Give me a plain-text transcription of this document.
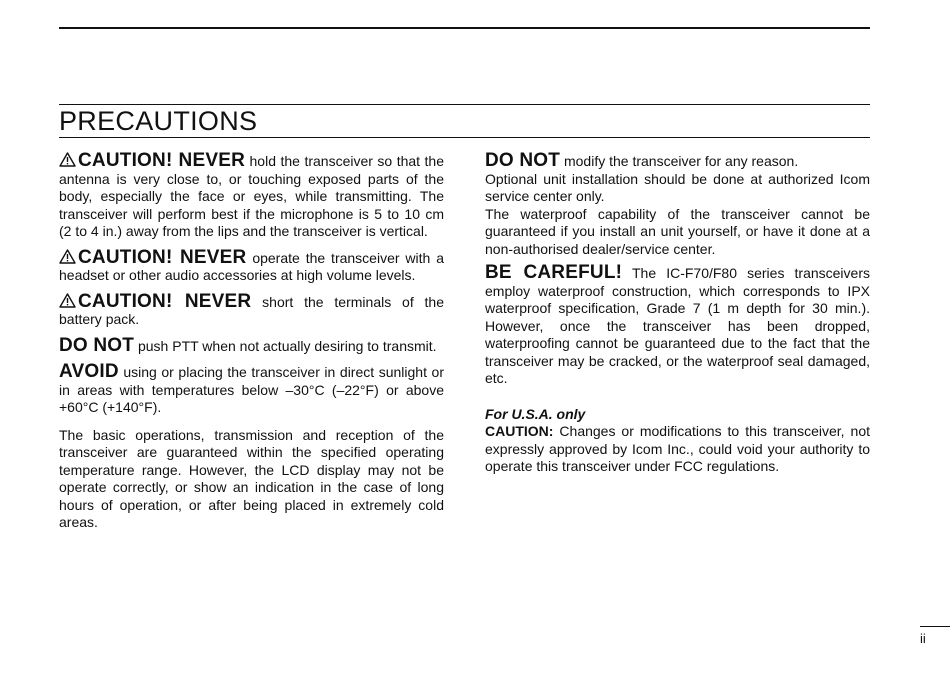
PRECAUTIONS

CAUTION! NEVER hold the transceiver so that the antenna is very close to, or touching exposed parts of the body, especially the face or eyes, while transmitting. The transceiver will perform best if the microphone is 5 to 10 cm (2 to 4 in.) away from the lips and the transceiver is vertical.

CAUTION! NEVER operate the transceiver with a headset or other audio accessories at high volume levels.

CAUTION! NEVER short the terminals of the battery pack.

DO NOT push PTT when not actually desiring to transmit.

AVOID using or placing the transceiver in direct sunlight or in areas with temperatures below –30°C (–22°F) or above +60°C (+140°F).

The basic operations, transmission and reception of the transceiver are guaranteed within the specified operating temperature range. However, the LCD display may not be operate correctly, or show an indication in the case of long hours of operation, or after being placed in extremely cold areas.

DO NOT modify the transceiver for any reason.
Optional unit installation should be done at authorized Icom service center only.
The waterproof capability of the transceiver cannot be guaranteed if you install an unit yourself, or have it done at a non-authorised dealer/service center.

BE CAREFUL! The IC-F70/F80 series transceivers employ waterproof construction, which corresponds to IPX waterproof specification, Grade 7 (1 m depth for 30 min.). However, once the transceiver has been dropped, waterproofing cannot be guaranteed due to the fact that the transceiver may be cracked, or the waterproof seal damaged, etc.

For U.S.A. only

CAUTION: Changes or modifications to this transceiver, not expressly approved by Icom Inc., could void your authority to operate this transceiver under FCC regulations.

ii
